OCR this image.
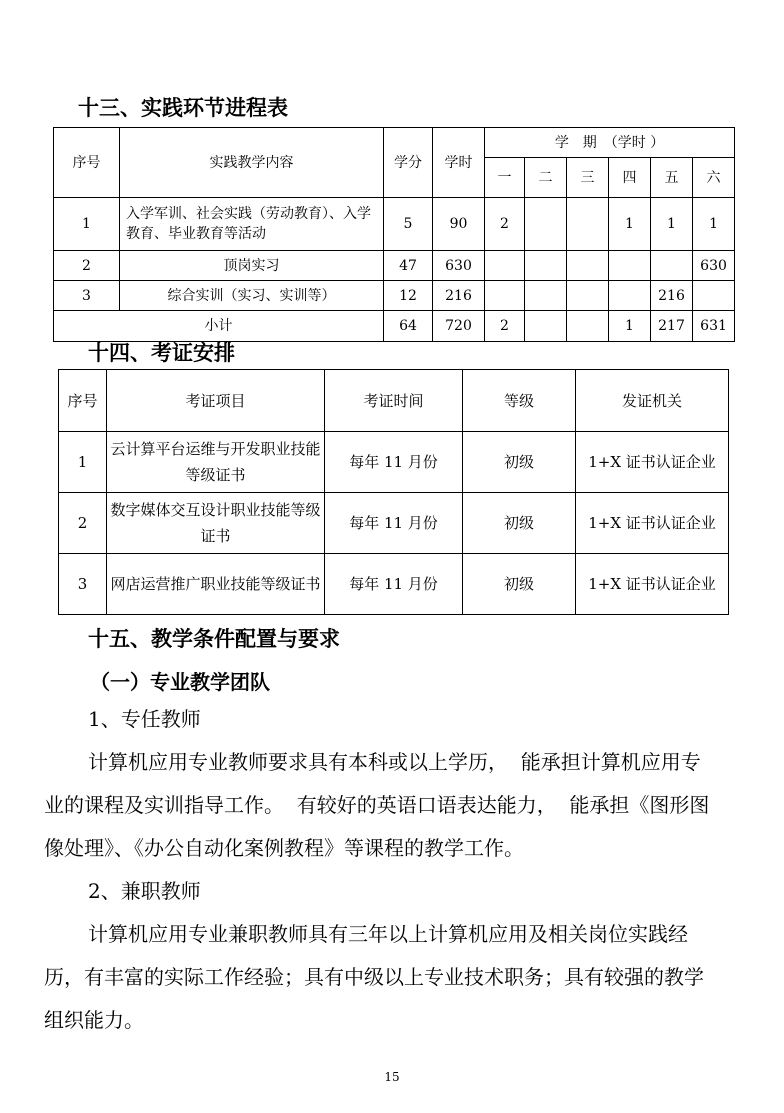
十三、实践环节进程表
序号	实践教学内容	学分	学时	学　期　（学时 ）					
				一	二	三	四	五	六
1	入学军训、社会实践（劳动教育）、入学教育、毕业教育等活动	5	90	2			1	1	1
2	顶岗实习	47	630						630
3	综合实训（实习、实训等）	12	216					216	
小计		64	720	2			1	217	631
十四、考证安排
序号	考证项目	考证时间	等级	发证机关
1	云计算平台运维与开发职业技能等级证书	每年 11 月份	初级	1+X 证书认证企业
2	数字媒体交互设计职业技能等级证书	每年 11 月份	初级	1+X 证书认证企业
3	网店运营推广职业技能等级证书	每年 11 月份	初级	1+X 证书认证企业
十五、教学条件配置与要求
（一）专业教学团队
1、专任教师
计算机应用专业教师要求具有本科或以上学历，  能承担计算机应用专
业的课程及实训指导工作。  有较好的英语口语表达能力，  能承担《图形图
像处理》、《办公自动化案例教程》等课程的教学工作。
2、兼职教师
计算机应用专业兼职教师具有三年以上计算机应用及相关岗位实践经
历，有丰富的实际工作经验；具有中级以上专业技术职务；具有较强的教学
组织能力。
15
